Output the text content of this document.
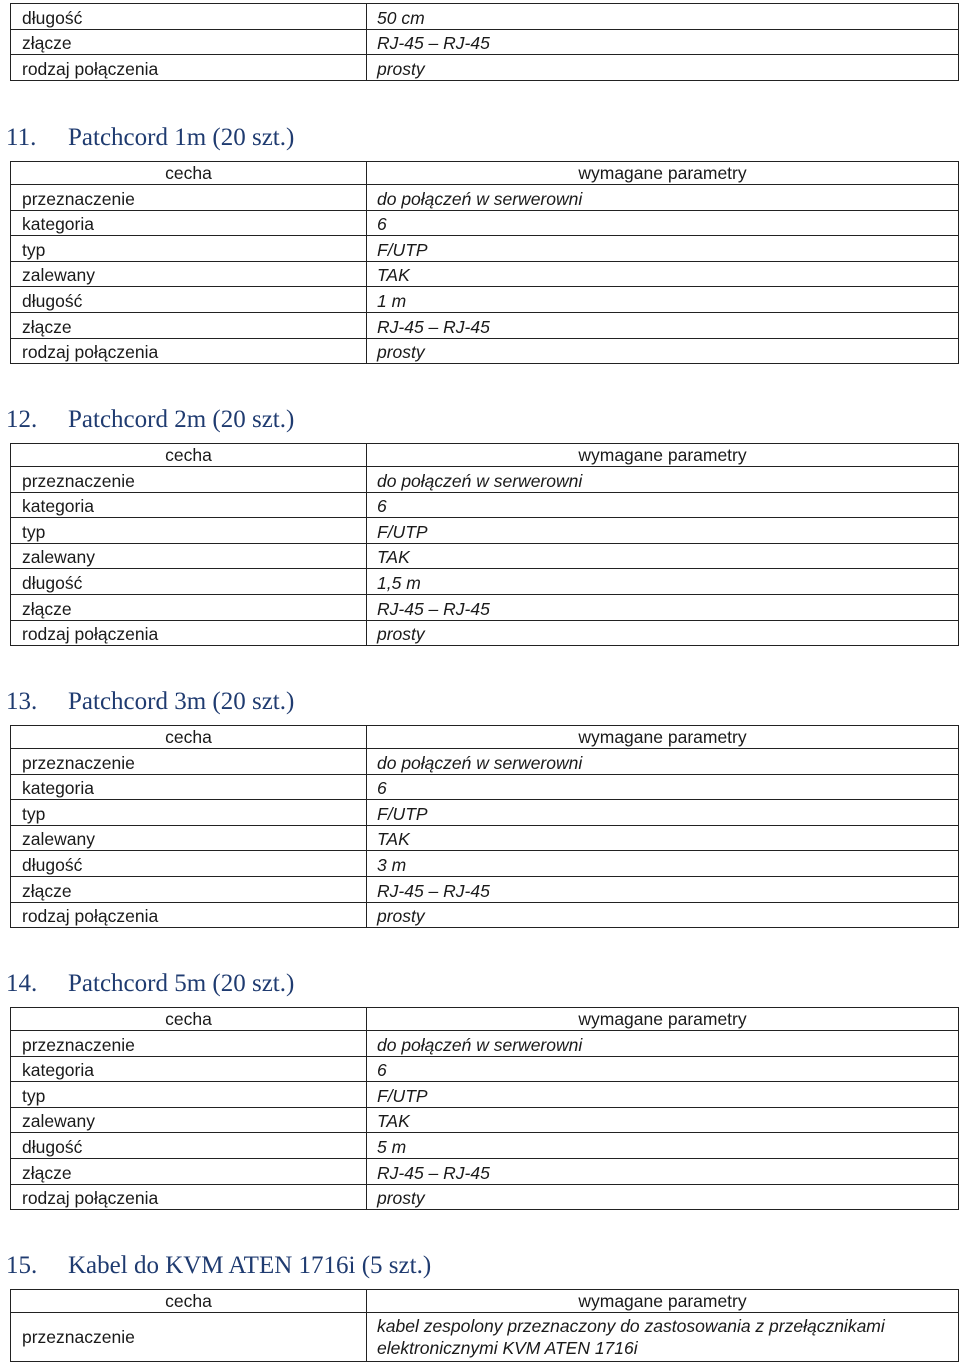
długość	50 cm
złącze	RJ-45 – RJ-45
rodzaj połączenia	prosty
11. Patchcord 1m (20 szt.)
cecha	wymagane parametry
przeznaczenie	do połączeń w serwerowni
kategoria	6
typ	F/UTP
zalewany	TAK
długość	1 m
złącze	RJ-45 – RJ-45
rodzaj połączenia	prosty
12. Patchcord 2m (20 szt.)
cecha	wymagane parametry
przeznaczenie	do połączeń w serwerowni
kategoria	6
typ	F/UTP
zalewany	TAK
długość	1,5 m
złącze	RJ-45 – RJ-45
rodzaj połączenia	prosty
13. Patchcord 3m (20 szt.)
cecha	wymagane parametry
przeznaczenie	do połączeń w serwerowni
kategoria	6
typ	F/UTP
zalewany	TAK
długość	3 m
złącze	RJ-45 – RJ-45
rodzaj połączenia	prosty
14. Patchcord 5m (20 szt.)
cecha	wymagane parametry
przeznaczenie	do połączeń w serwerowni
kategoria	6
typ	F/UTP
zalewany	TAK
długość	5 m
złącze	RJ-45 – RJ-45
rodzaj połączenia	prosty
15. Kabel do KVM ATEN 1716i (5 szt.)
cecha	wymagane parametry
przeznaczenie	kabel zespolony przeznaczony do zastosowania z przełącznikami elektronicznymi KVM ATEN 1716i
